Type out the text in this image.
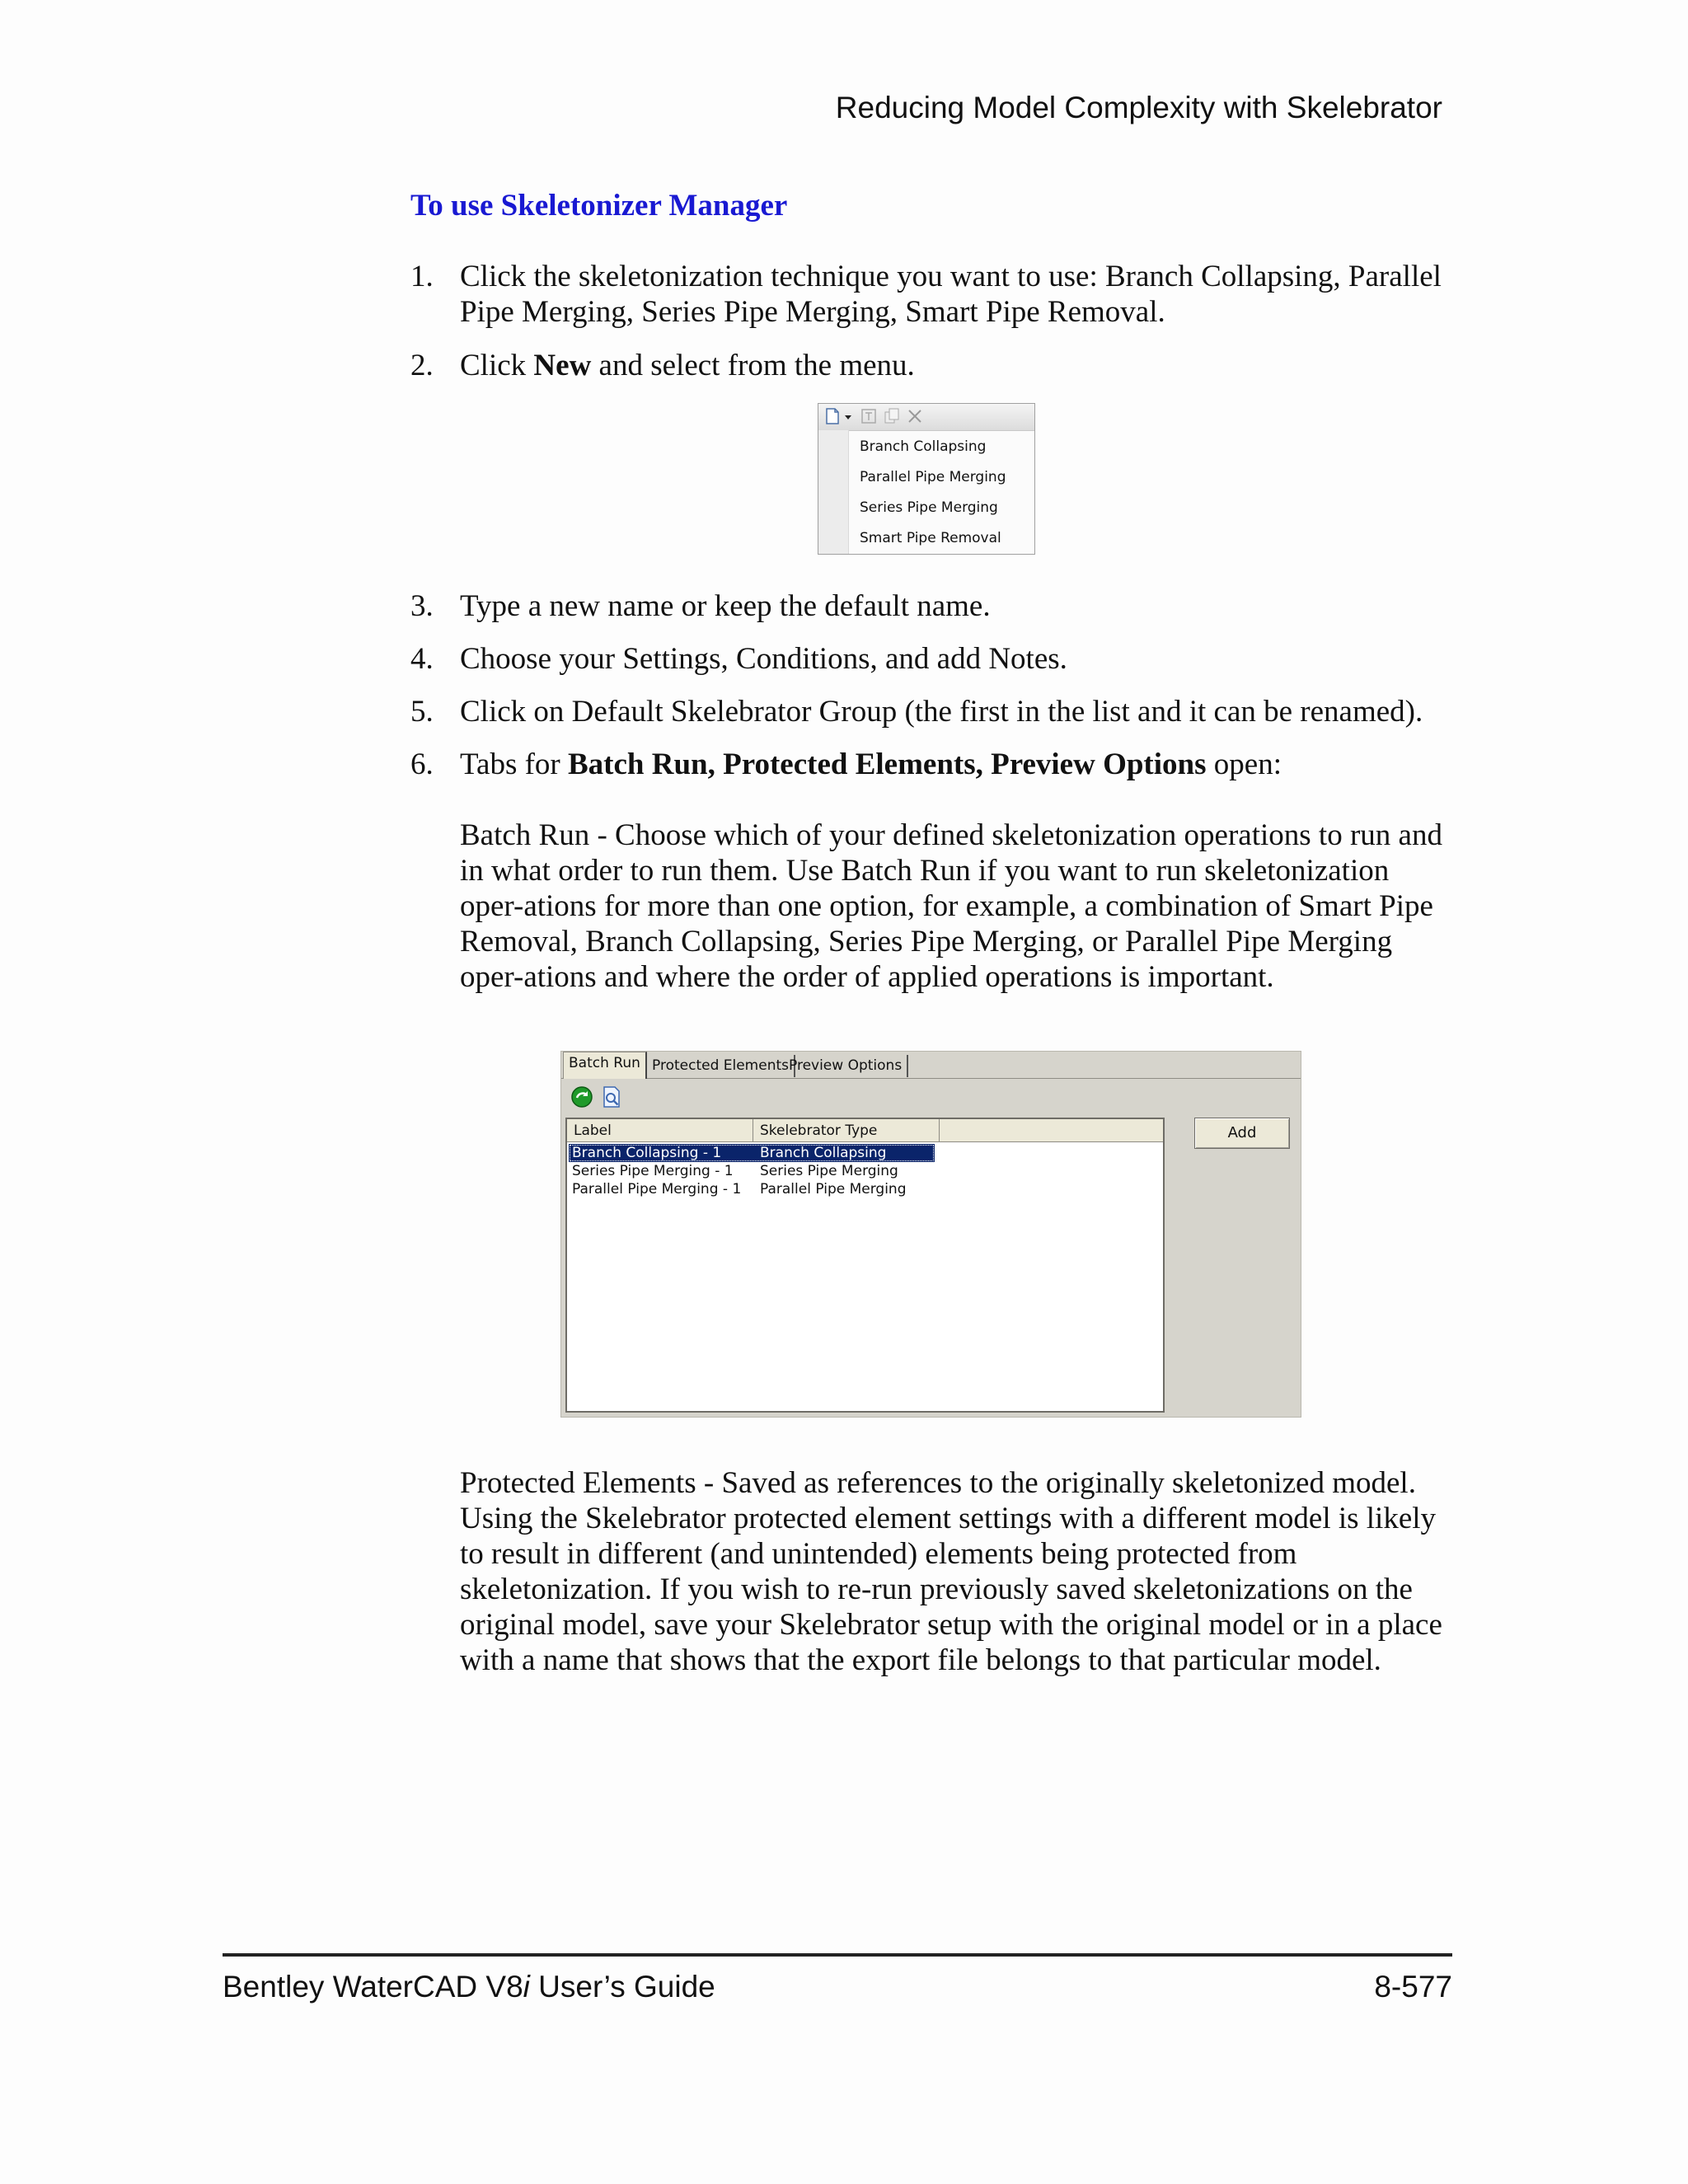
Reducing Model Complexity with Skelebrator
To use Skeletonizer Manager
1. Click the skeletonization technique you want to use: Branch Collapsing, Parallel Pipe Merging, Series Pipe Merging, Smart Pipe Removal.
2. Click New and select from the menu.
Branch Collapsing
Parallel Pipe Merging
Series Pipe Merging
Smart Pipe Removal
3. Type a new name or keep the default name.
4. Choose your Settings, Conditions, and add Notes.
5. Click on Default Skelebrator Group (the first in the list and it can be renamed).
6. Tabs for Batch Run, Protected Elements, Preview Options open:

Batch Run - Choose which of your defined skeletonization operations to run and in what order to run them. Use Batch Run if you want to run skeletonization oper-ations for more than one option, for example, a combination of Smart Pipe Removal, Branch Collapsing, Series Pipe Merging, or Parallel Pipe Merging oper-ations and where the order of applied operations is important.

Batch Run Protected Elements Preview Options
Label	Skelebrator Type
Branch Collapsing - 1	Branch Collapsing
Series Pipe Merging - 1 Series Pipe Merging
Parallel Pipe Merging - 1 Parallel Pipe Merging
Add

Protected Elements - Saved as references to the originally skeletonized model. Using the Skelebrator protected element settings with a different model is likely to result in different (and unintended) elements being protected from skeletonization. If you wish to re-run previously saved skeletonizations on the original model, save your Skelebrator setup with the original model or in a place with a name that shows that the export file belongs to that particular model.

Bentley WaterCAD V8i User’s Guide	8-577
